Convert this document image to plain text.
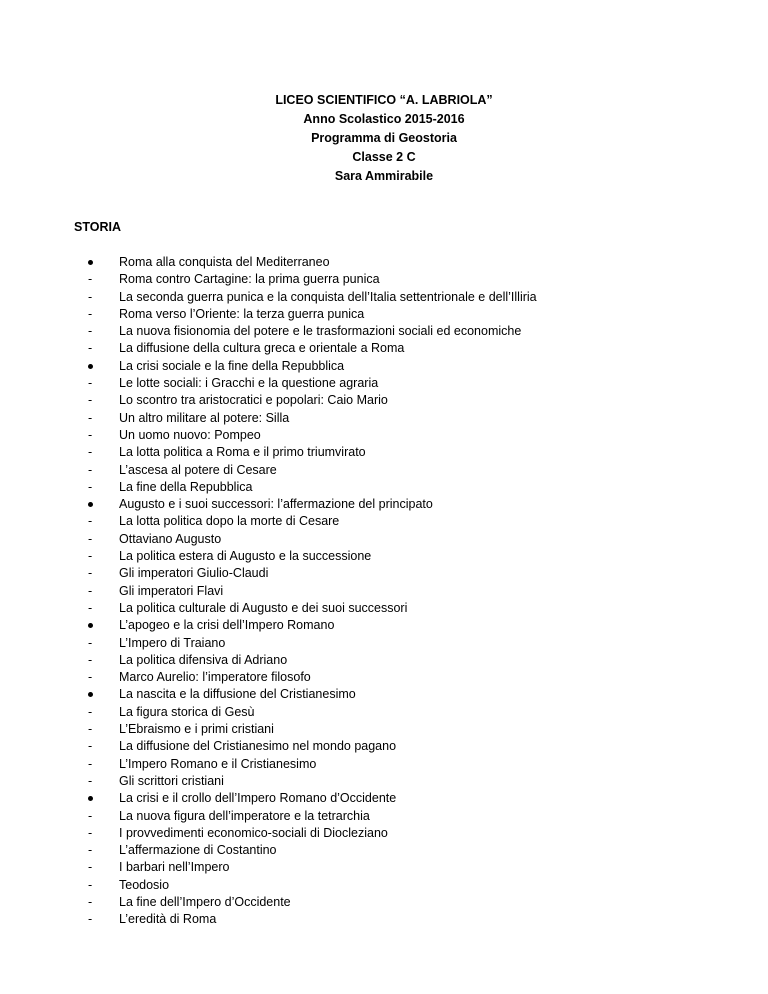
LICEO SCIENTIFICO “A. LABRIOLA”
Anno Scolastico 2015-2016
Programma di Geostoria
Classe 2 C
Sara Ammirabile
STORIA
Roma alla conquista del Mediterraneo
Roma contro Cartagine: la prima guerra punica
La seconda guerra punica e la conquista dell’Italia settentrionale e dell’Illiria
Roma verso l’Oriente: la terza guerra punica
La nuova fisionomia del potere e le trasformazioni sociali ed economiche
La diffusione della cultura greca e orientale a Roma
La crisi sociale e la fine della Repubblica
Le lotte sociali: i Gracchi e la questione agraria
Lo scontro tra aristocratici e popolari: Caio Mario
Un altro militare al potere: Silla
Un uomo nuovo: Pompeo
La lotta politica a Roma e il primo triumvirato
L’ascesa al potere di Cesare
La fine della Repubblica
Augusto e i suoi successori: l’affermazione del principato
La lotta politica dopo la morte di Cesare
Ottaviano Augusto
La politica estera di Augusto e la successione
Gli imperatori Giulio-Claudi
Gli imperatori Flavi
La politica culturale di Augusto e dei suoi successori
L’apogeo e la crisi dell’Impero Romano
L’Impero di Traiano
La politica difensiva di Adriano
Marco Aurelio: l’imperatore filosofo
La nascita e la diffusione del Cristianesimo
La figura storica di Gesù
L’Ebraismo e i primi cristiani
La diffusione del Cristianesimo nel mondo pagano
L’Impero Romano e il Cristianesimo
Gli scrittori cristiani
La crisi e il crollo dell’Impero Romano d’Occidente
La nuova figura dell’imperatore e la tetrarchia
I provvedimenti economico-sociali di Diocleziano
L’affermazione di Costantino
I barbari nell’Impero
Teodosio
La fine dell’Impero d’Occidente
L’eredità di Roma
